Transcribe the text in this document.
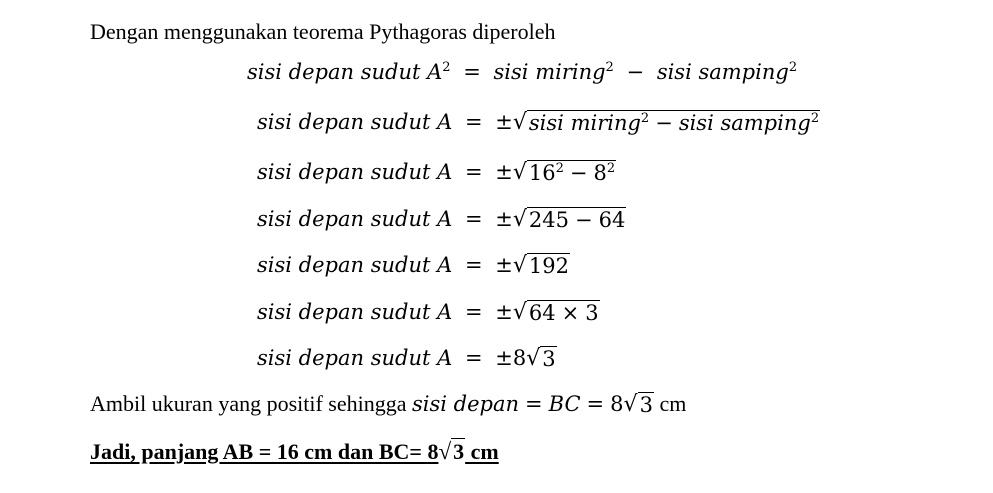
Dengan menggunakan teorema Pythagoras diperoleh
sisi depan sudut $A^2$ = sisi miring$^2$ − sisi samping$^2$
sisi depan sudut A = ± √ sisi miring$^2$ − sisi samping$^2$
sisi depan sudut A = ± √ $16^2 - 8^2$
sisi depan sudut A = ± √ 245 − 64
sisi depan sudut A = ± √ 192
sisi depan sudut A = ± √ 64 × 3
sisi depan sudut A = ±8 √ 3
Ambil ukuran yang positif sehingga sisi depan = BC = 8 √ 3 cm
Jadi, panjang AB = 16 cm dan BC= 8 √ 3 cm
